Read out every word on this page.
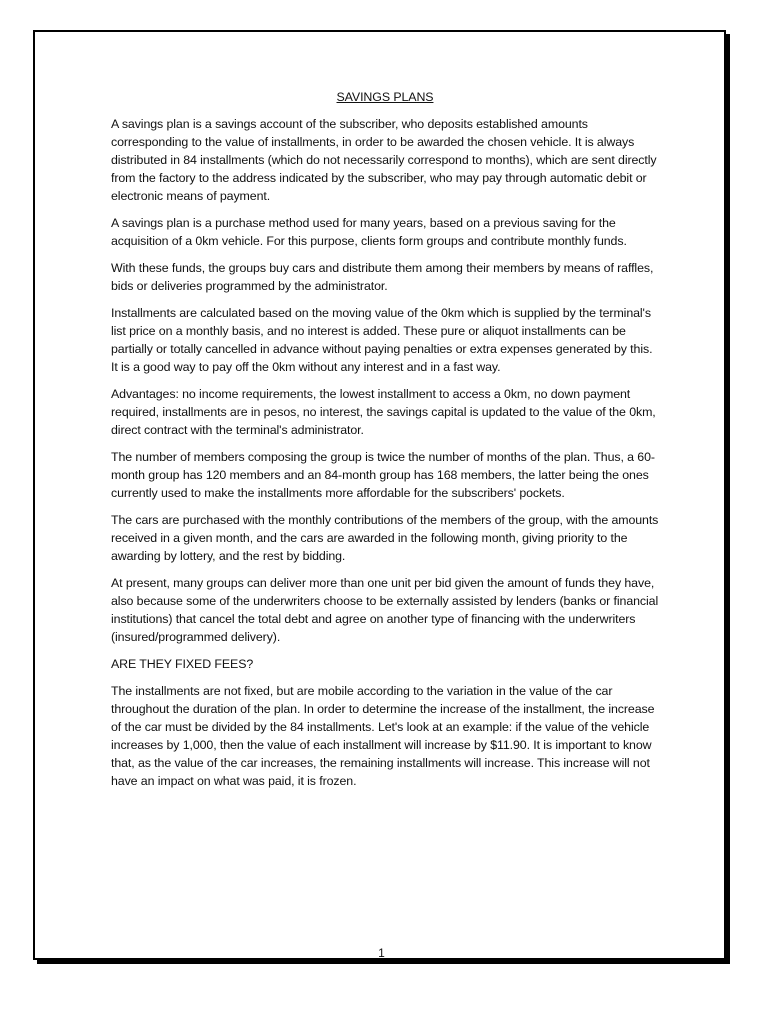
SAVINGS PLANS

A savings plan is a savings account of the subscriber, who deposits established amounts corresponding to the value of installments, in order to be awarded the chosen vehicle. It is always distributed in 84 installments (which do not necessarily correspond to months), which are sent directly from the factory to the address indicated by the subscriber, who may pay through automatic debit or electronic means of payment.

A savings plan is a purchase method used for many years, based on a previous saving for the acquisition of a 0km vehicle. For this purpose, clients form groups and contribute monthly funds.

With these funds, the groups buy cars and distribute them among their members by means of raffles, bids or deliveries programmed by the administrator.

Installments are calculated based on the moving value of the 0km which is supplied by the terminal's list price on a monthly basis, and no interest is added. These pure or aliquot installments can be partially or totally cancelled in advance without paying penalties or extra expenses generated by this. It is a good way to pay off the 0km without any interest and in a fast way.

Advantages: no income requirements, the lowest installment to access a 0km, no down payment required, installments are in pesos, no interest, the savings capital is updated to the value of the 0km, direct contract with the terminal's administrator.

The number of members composing the group is twice the number of months of the plan. Thus, a 60-month group has 120 members and an 84-month group has 168 members, the latter being the ones currently used to make the installments more affordable for the subscribers' pockets.

The cars are purchased with the monthly contributions of the members of the group, with the amounts received in a given month, and the cars are awarded in the following month, giving priority to the awarding by lottery, and the rest by bidding.

At present, many groups can deliver more than one unit per bid given the amount of funds they have, also because some of the underwriters choose to be externally assisted by lenders (banks or financial institutions) that cancel the total debt and agree on another type of financing with the underwriters (insured/programmed delivery).

ARE THEY FIXED FEES?

The installments are not fixed, but are mobile according to the variation in the value of the car throughout the duration of the plan. In order to determine the increase of the installment, the increase of the car must be divided by the 84 installments. Let's look at an example: if the value of the vehicle increases by 1,000, then the value of each installment will increase by $11.90. It is important to know that, as the value of the car increases, the remaining installments will increase. This increase will not have an impact on what was paid, it is frozen.

1
